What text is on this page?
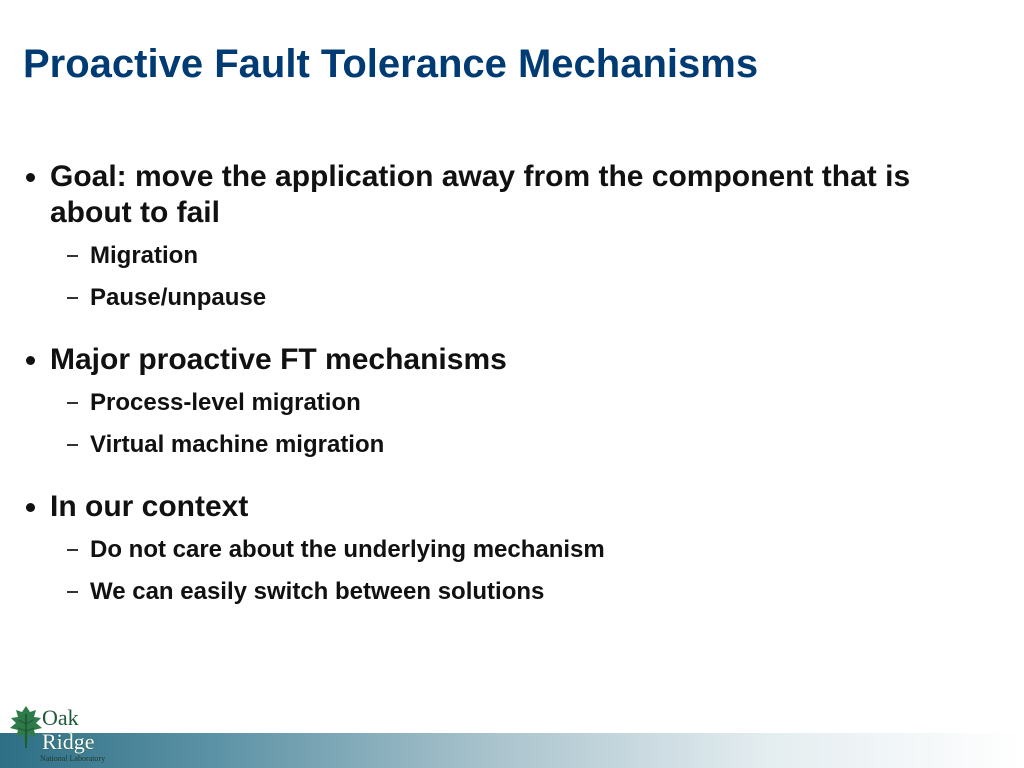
Proactive Fault Tolerance Mechanisms
Goal: move the application away from the component that is about to fail
Migration
Pause/unpause
Major proactive FT mechanisms
Process-level migration
Virtual machine migration
In our context
Do not care about the underlying mechanism
We can easily switch between solutions
Oak
Ridge
National Laboratory
